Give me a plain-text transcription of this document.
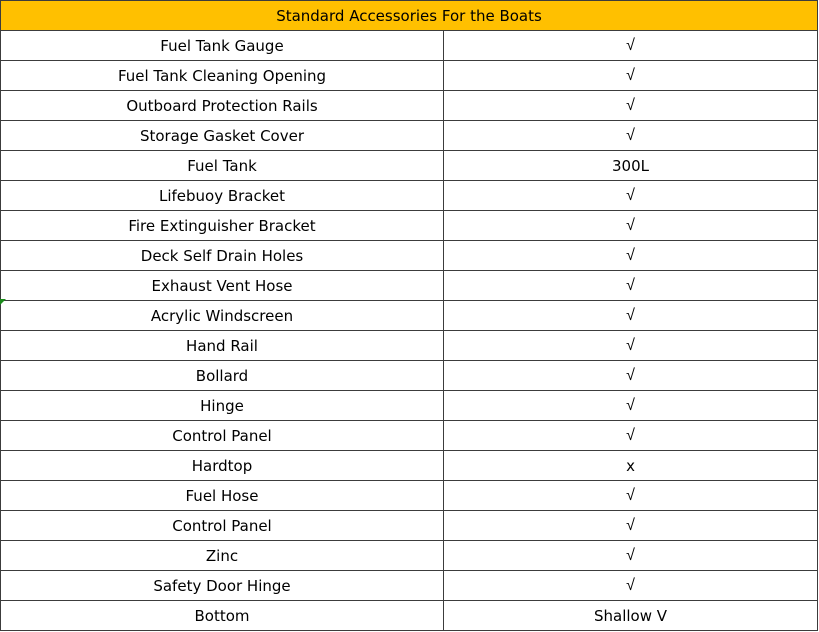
Standard Accessories For the Boats	
Fuel Tank Gauge	√
Fuel Tank Cleaning Opening	√
Outboard Protection Rails	√
Storage Gasket Cover	√
Fuel Tank	300L
Lifebuoy Bracket	√
Fire Extinguisher Bracket	√
Deck Self Drain Holes	√
Exhaust Vent Hose	√
Acrylic Windscreen	√
Hand Rail	√
Bollard	√
Hinge	√
Control Panel	√
Hardtop	x
Fuel Hose	√
Control Panel	√
Zinc	√
Safety Door Hinge	√
Bottom	Shallow V
